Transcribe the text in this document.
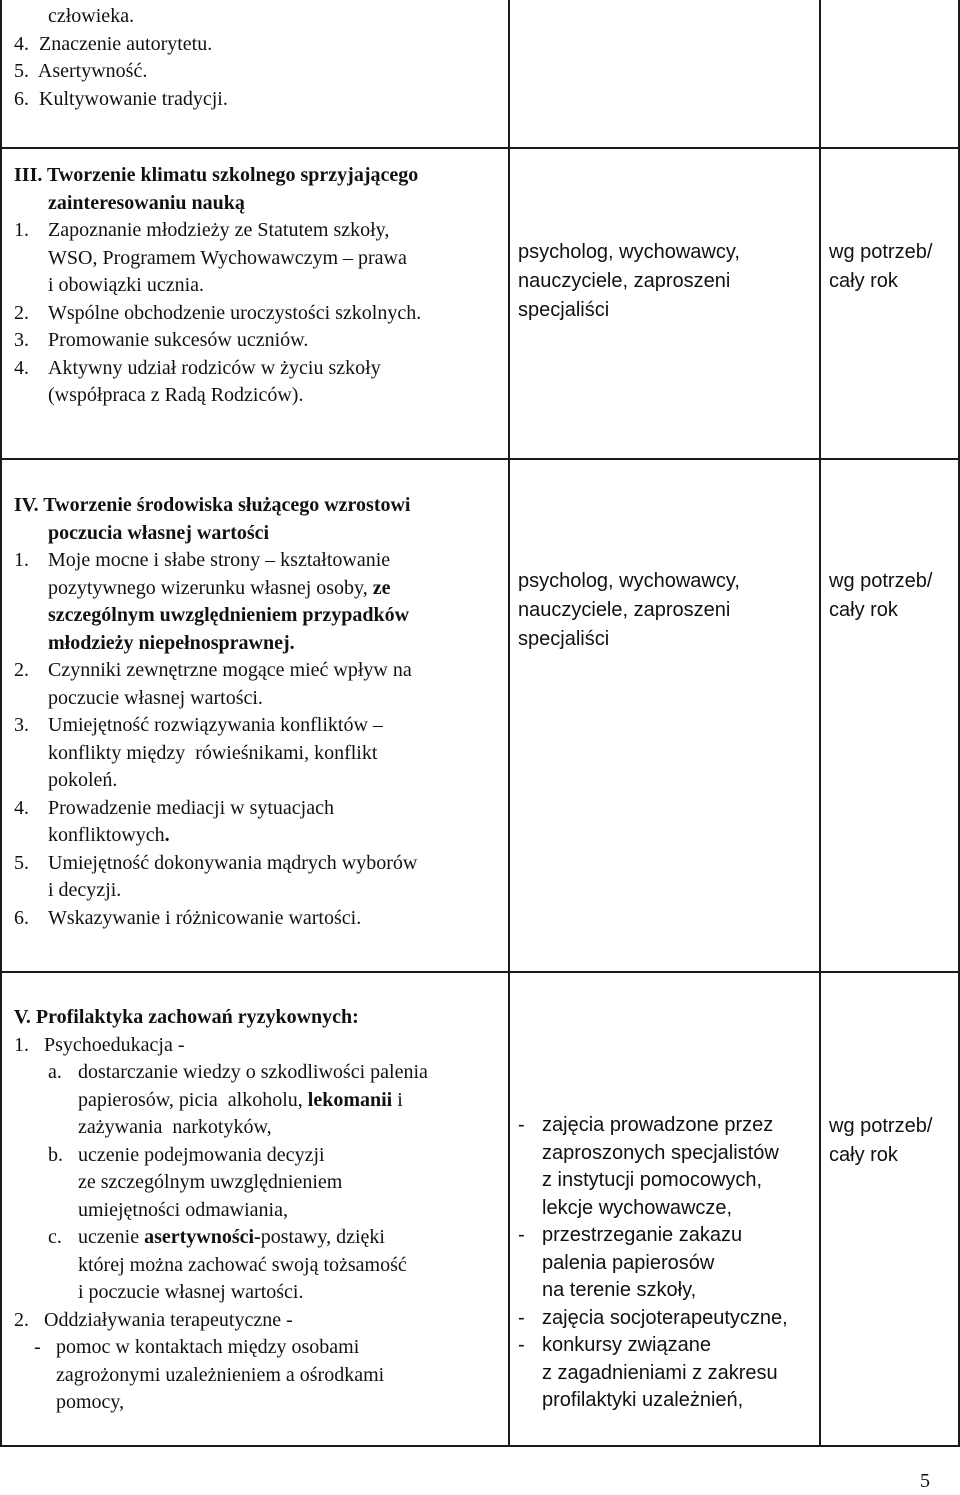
człowieka.
4.  Znaczenie autorytetu.
5.  Asertywność.
6.  Kultywowanie tradycji.
III. Tworzenie klimatu szkolnego sprzyjającego
zainteresowaniu nauką
1. Zapoznanie młodzieży ze Statutem szkoły,
WSO, Programem Wychowawczym – prawa
i obowiązki ucznia.
2. Wspólne obchodzenie uroczystości szkolnych.
3. Promowanie sukcesów uczniów.
4. Aktywny udział rodziców w życiu szkoły
(współpraca z Radą Rodziców).
psycholog, wychowawcy,
nauczyciele, zaproszeni
specjaliści
wg potrzeb/
cały rok
IV. Tworzenie środowiska służącego wzrostowi
poczucia własnej wartości
1. Moje mocne i słabe strony – kształtowanie
pozytywnego wizerunku własnej osoby, ze
szczególnym uwzględnieniem przypadków
młodzieży niepełnosprawnej.
2. Czynniki zewnętrzne mogące mieć wpływ na
poczucie własnej wartości.
3. Umiejętność rozwiązywania konfliktów –
konflikty między  rówieśnikami, konflikt
pokoleń.
4. Prowadzenie mediacji w sytuacjach
konfliktowych.
5. Umiejętność dokonywania mądrych wyborów
i decyzji.
6. Wskazywanie i różnicowanie wartości.
psycholog, wychowawcy,
nauczyciele, zaproszeni
specjaliści
wg potrzeb/
cały rok
V. Profilaktyka zachowań ryzykownych:
1.   Psychoedukacja -
a. dostarczanie wiedzy o szkodliwości palenia
papierosów, picia  alkoholu, lekomanii i
zażywania  narkotyków,
b. uczenie podejmowania decyzji
ze szczególnym uwzględnieniem
umiejętności odmawiania,
c. uczenie asertywności-postawy, dzięki
której można zachować swoją tożsamość
i poczucie własnej wartości.
2.   Oddziaływania terapeutyczne -
- pomoc w kontaktach między osobami
zagrożonymi uzależnieniem a ośrodkami
pomocy,
- zajęcia prowadzone przez
zaproszonych specjalistów
z instytucji pomocowych,
lekcje wychowawcze,
- przestrzeganie zakazu
palenia papierosów
na terenie szkoły,
- zajęcia socjoterapeutyczne,
- konkursy związane
z zagadnieniami z zakresu
profilaktyki uzależnień,
wg potrzeb/
cały rok
5
